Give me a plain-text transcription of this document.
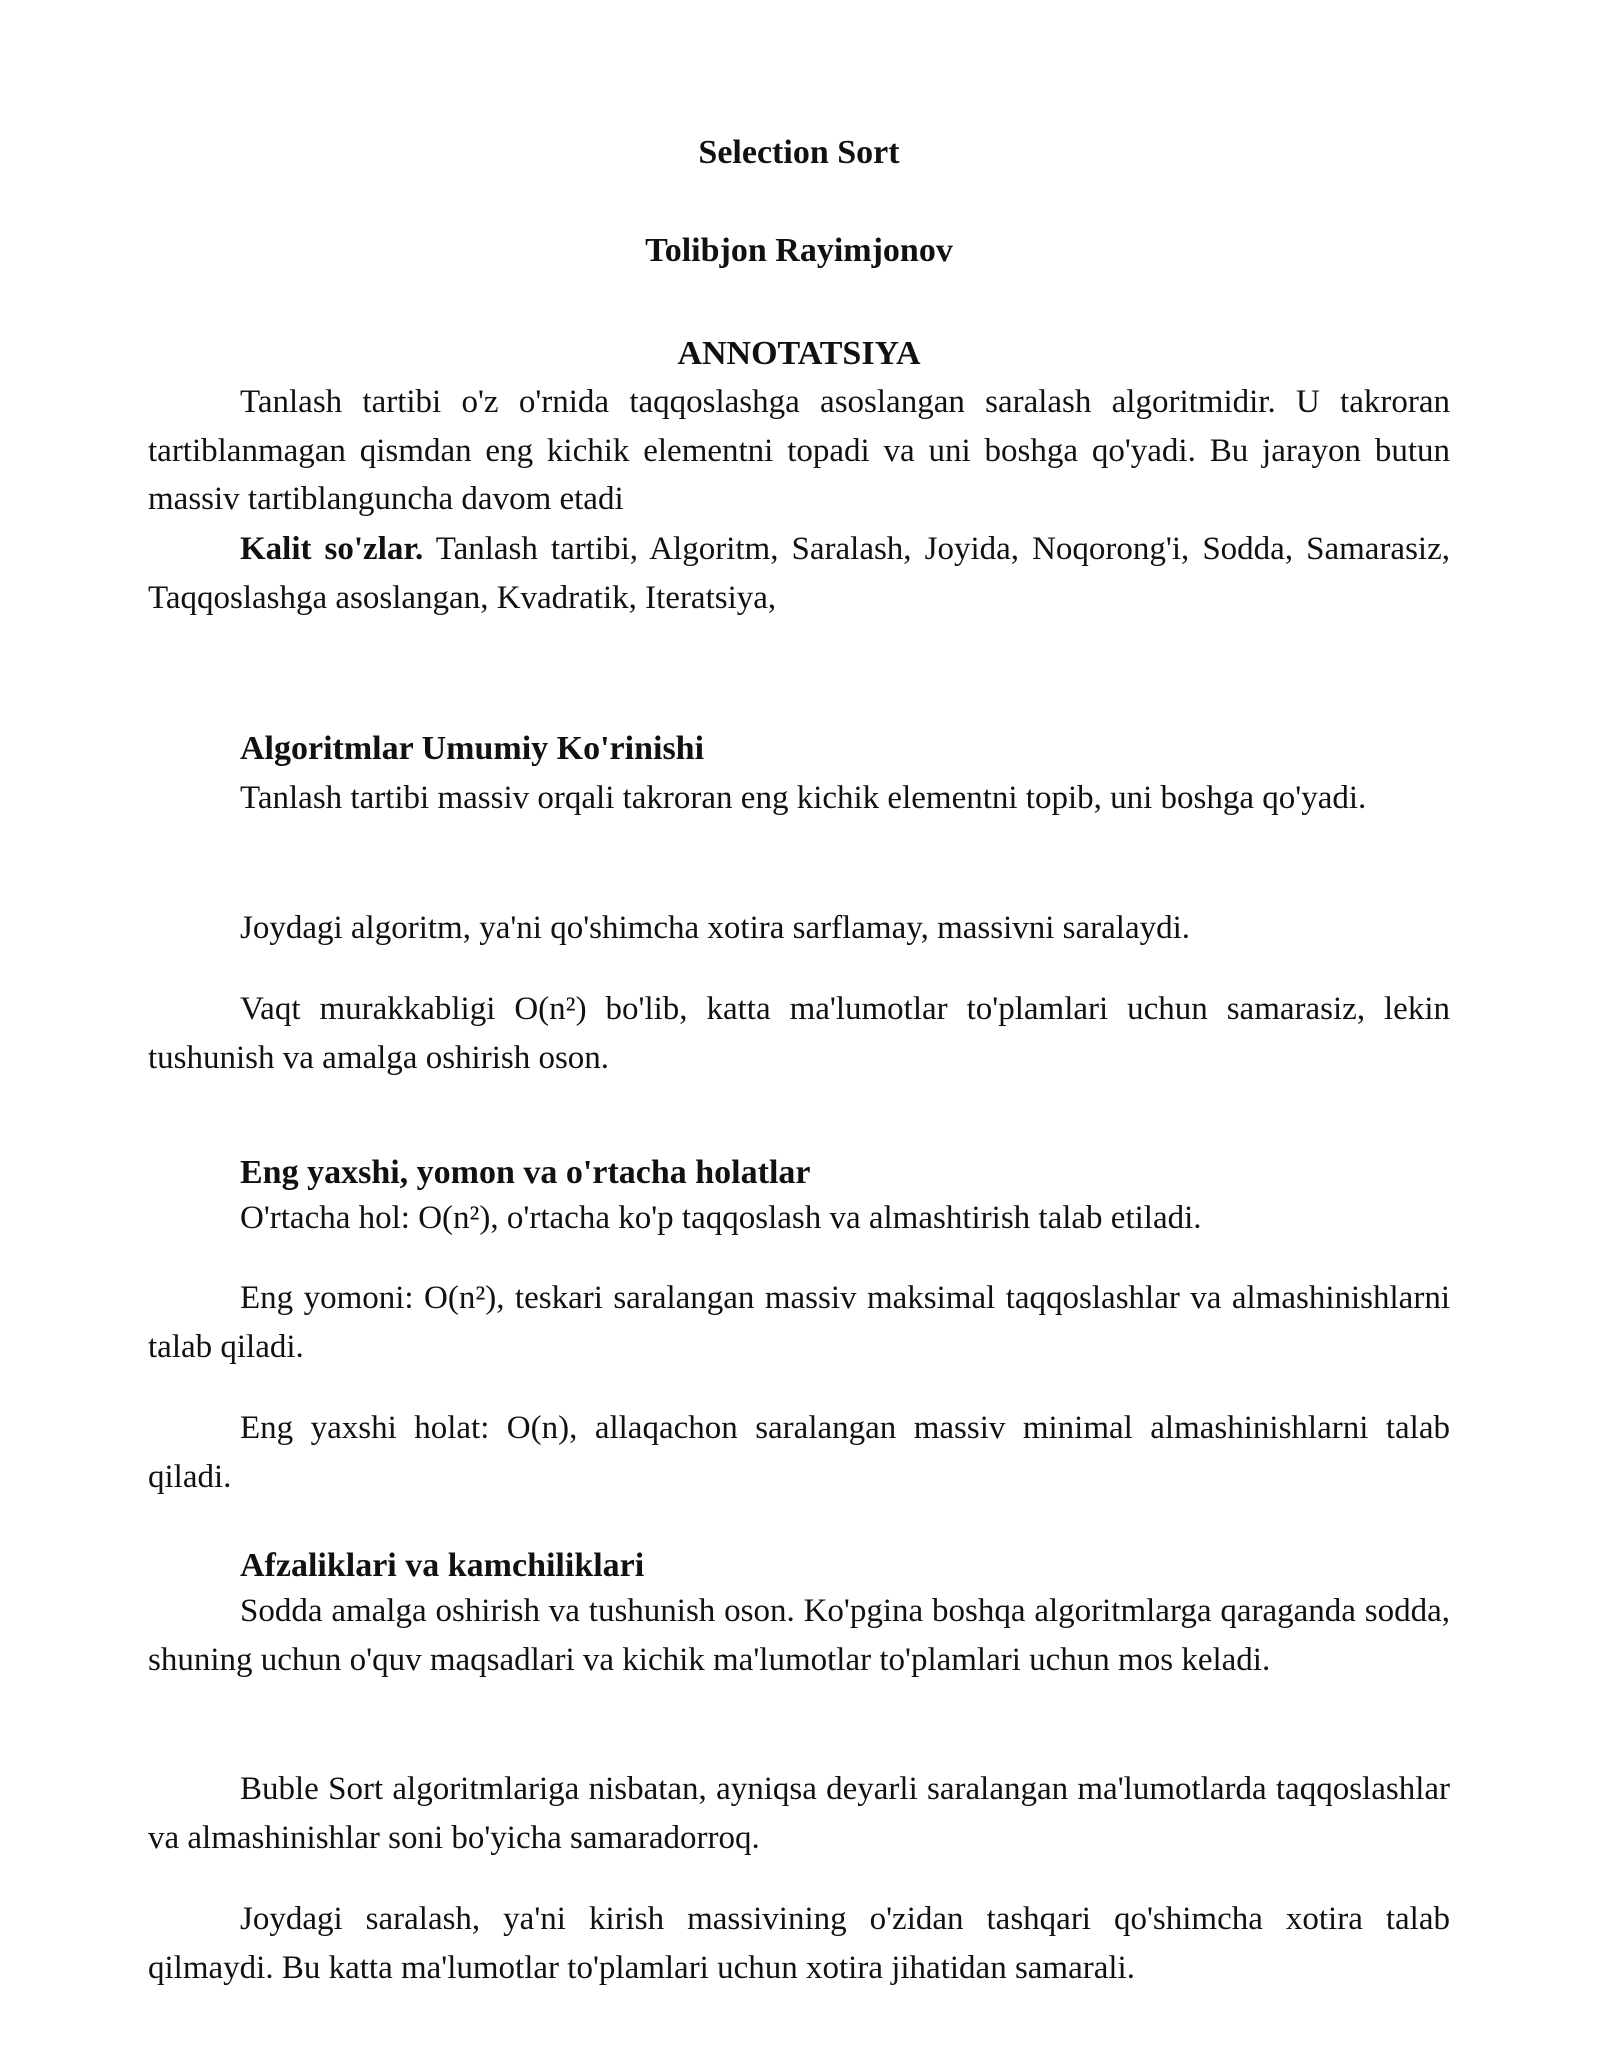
Selection Sort
Tolibjon Rayimjonov
ANNOTATSIYA
Tanlash tartibi o'z o'rnida taqqoslashga asoslangan saralash algoritmidir. U takroran tartiblanmagan qismdan eng kichik elementni topadi va uni boshga qo'yadi. Bu jarayon butun massiv tartiblanguncha davom etadi
Kalit so'zlar. Tanlash tartibi, Algoritm, Saralash, Joyida, Noqorong'i, Sodda, Samarasiz, Taqqoslashga asoslangan, Kvadratik, Iteratsiya,
Algoritmlar Umumiy Ko'rinishi
Tanlash tartibi massiv orqali takroran eng kichik elementni topib, uni boshga qo'yadi.
Joydagi algoritm, ya'ni qo'shimcha xotira sarflamay, massivni saralaydi.
Vaqt murakkabligi O(n²) bo'lib, katta ma'lumotlar to'plamlari uchun samarasiz, lekin tushunish va amalga oshirish oson.
Eng yaxshi, yomon va o'rtacha holatlar
O'rtacha hol: O(n²), o'rtacha ko'p taqqoslash va almashtirish talab etiladi.
Eng yomoni: O(n²), teskari saralangan massiv maksimal taqqoslashlar va almashinishlarni talab qiladi.
Eng yaxshi holat: O(n), allaqachon saralangan massiv minimal almashinishlarni talab qiladi.
Afzaliklari va kamchiliklari
Sodda amalga oshirish va tushunish oson. Ko'pgina boshqa algoritmlarga qaraganda sodda, shuning uchun o'quv maqsadlari va kichik ma'lumotlar to'plamlari uchun mos keladi.
Buble Sort algoritmlariga nisbatan, ayniqsa deyarli saralangan ma'lumotlarda taqqoslashlar va almashinishlar soni bo'yicha samaradorroq.
Joydagi saralash, ya'ni kirish massivining o'zidan tashqari qo'shimcha xotira talab qilmaydi. Bu katta ma'lumotlar to'plamlari uchun xotira jihatidan samarali.
